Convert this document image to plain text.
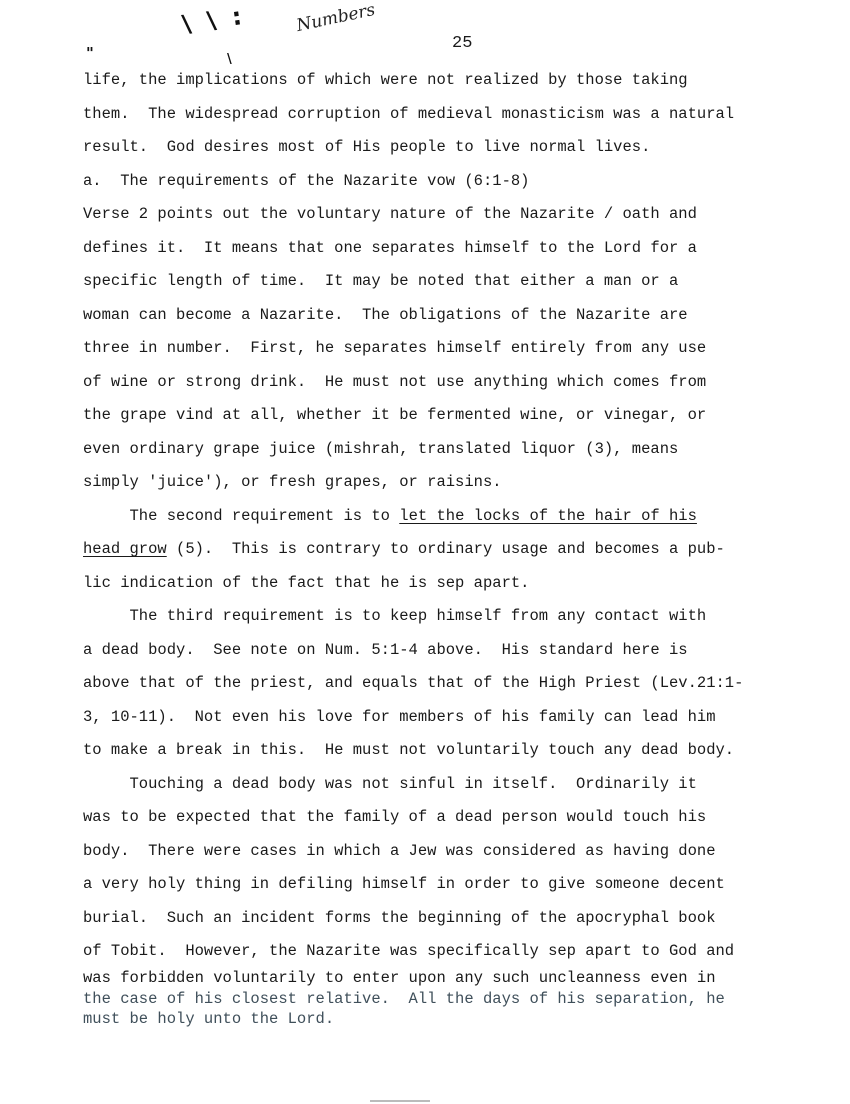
\ \ :	Numbers
25
"	\
life, the implications of which were not realized by those taking
them.  The widespread corruption of medieval monasticism was a natural
result.  God desires most of His people to live normal lives.
a.  The requirements of the Nazarite vow (6:1-8)
Verse 2 points out the voluntary nature of the Nazarite / oath and
defines it.  It means that one separates himself to the Lord for a
specific length of time.  It may be noted that either a man or a
woman can become a Nazarite.  The obligations of the Nazarite are
three in number.  First, he separates himself entirely from any use
of wine or strong drink.  He must not use anything which comes from
the grape vind at all, whether it be fermented wine, or vinegar, or
even ordinary grape juice (mishrah, translated liquor (3), means
simply 'juice'), or fresh grapes, or raisins.
The second requirement is to let the locks of the hair of his
head grow (5).  This is contrary to ordinary usage and becomes a pub-
lic indication of the fact that he is sep apart.
The third requirement is to keep himself from any contact with
a dead body.  See note on Num. 5:1-4 above.  His standard here is
above that of the priest, and equals that of the High Priest (Lev.21:1-
3, 10-11).  Not even his love for members of his family can lead him
to make a break in this.  He must not voluntarily touch any dead body.
Touching a dead body was not sinful in itself.  Ordinarily it
was to be expected that the family of a dead person would touch his
body.  There were cases in which a Jew was considered as having done
a very holy thing in defiling himself in order to give someone decent
burial.  Such an incident forms the beginning of the apocryphal book
of Tobit.  However, the Nazarite was specifically sep apart to God and
was forbidden voluntarily to enter upon any such uncleanness even in
the case of his closest relative.  All the days of his separation, he
must be holy unto the Lord.
